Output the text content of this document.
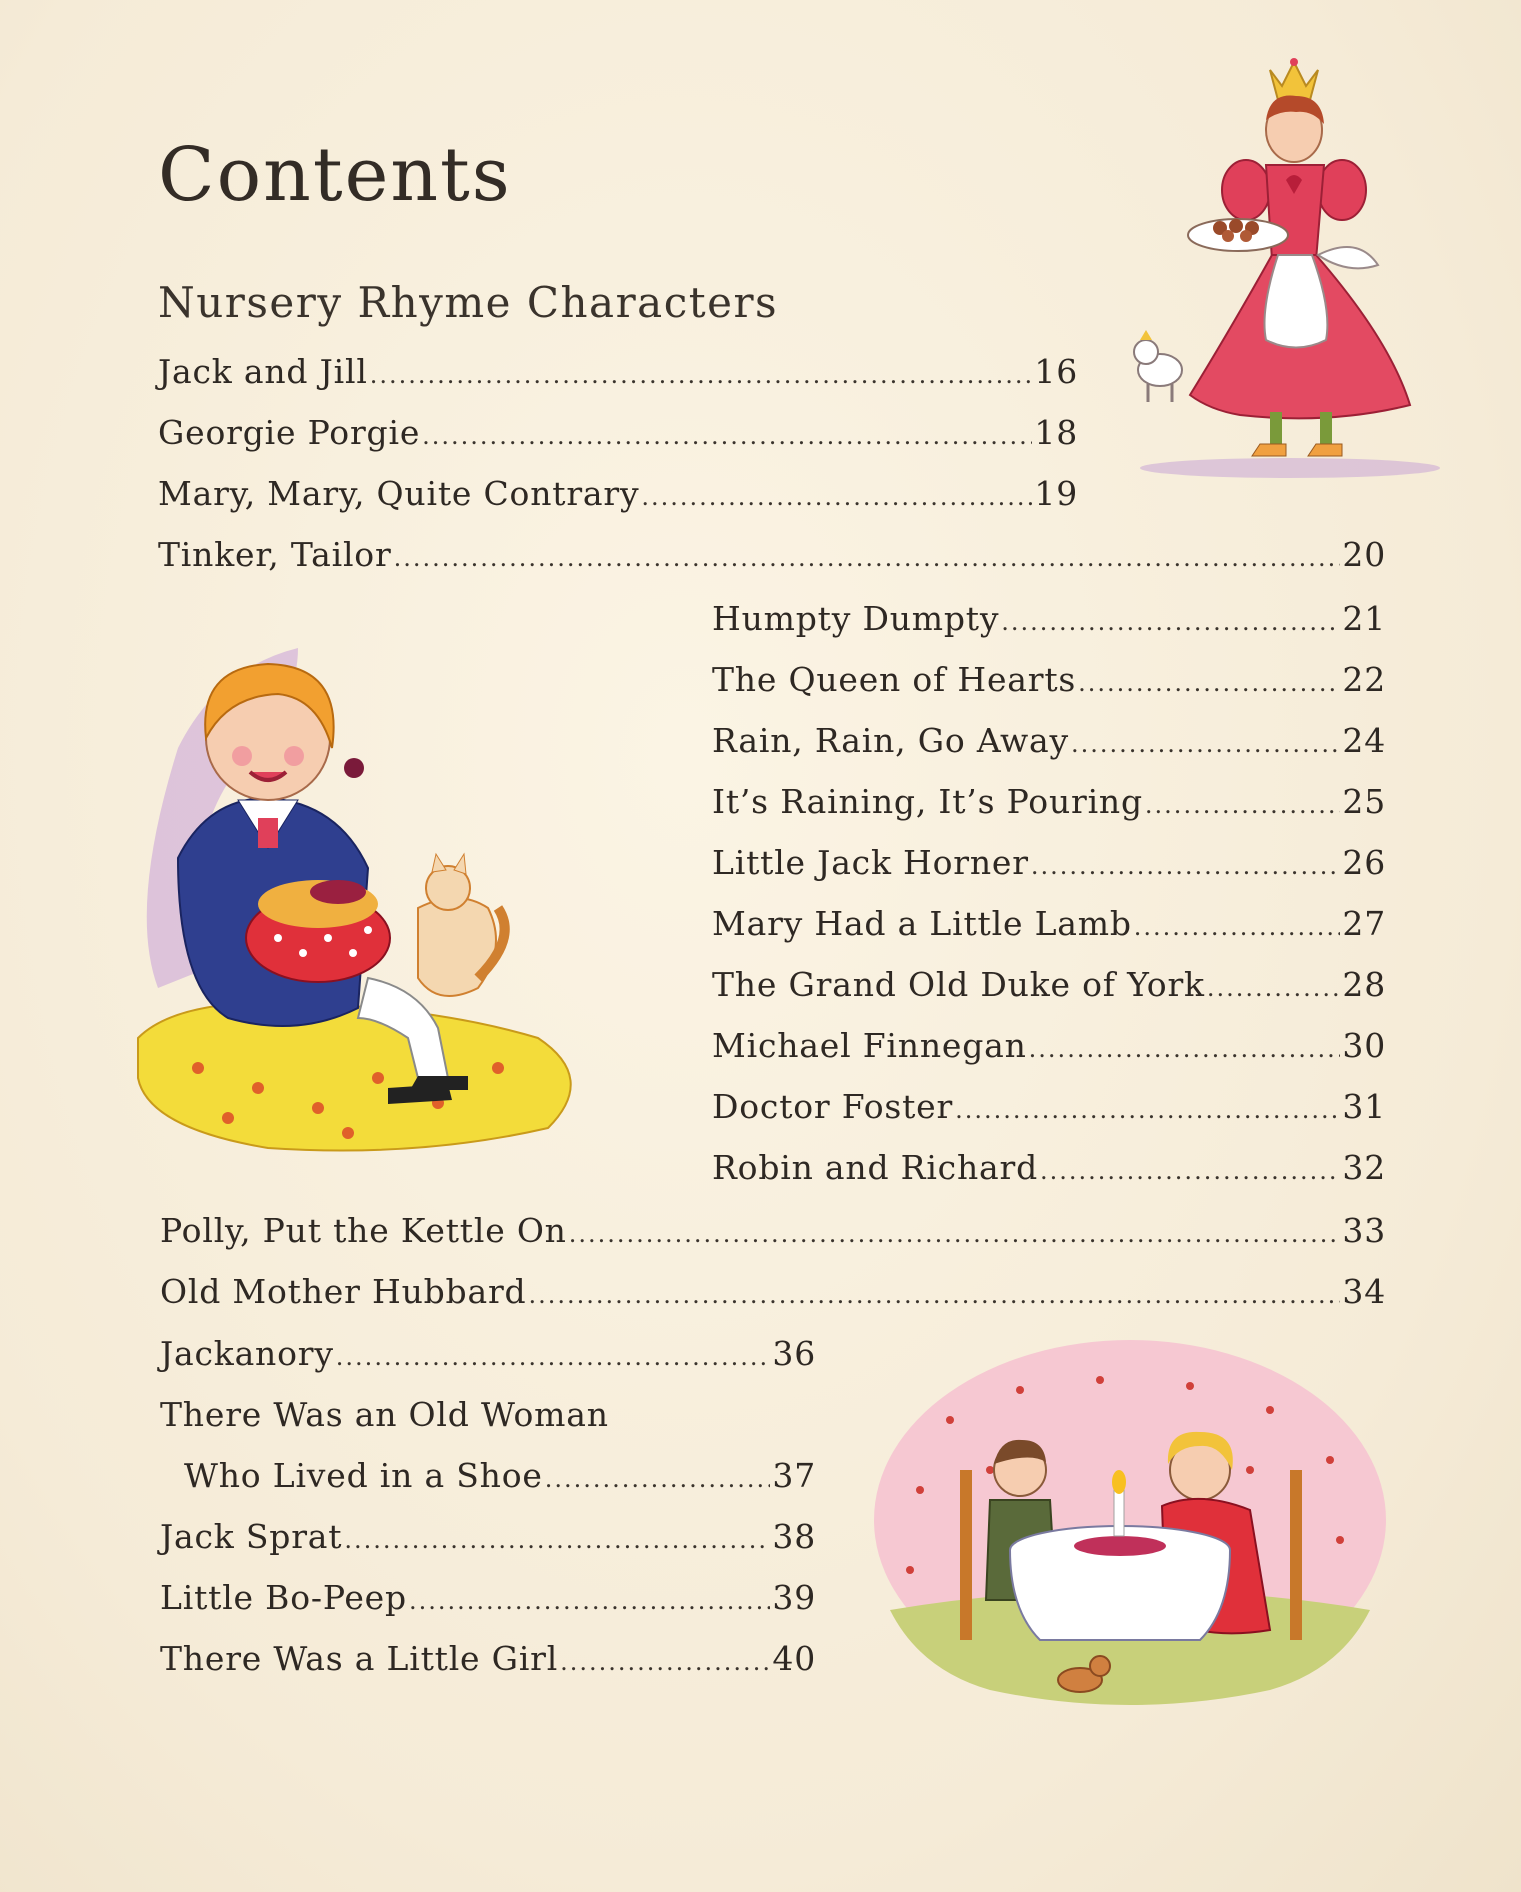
Contents
Nursery Rhyme Characters
Jack and Jill .....	16
Georgie Porgie .....	18
Mary, Mary, Quite Contrary .....	19
Tinker, Tailor .....	20
Humpty Dumpty .....	21
The Queen of Hearts .....	22
Rain, Rain, Go Away .....	24
It’s Raining, It’s Pouring .....	25
Little Jack Horner .....	26
Mary Had a Little Lamb .....	27
The Grand Old Duke of York .....	28
Michael Finnegan .....	30
Doctor Foster .....	31
Robin and Richard .....	32
Polly, Put the Kettle On .....	33
Old Mother Hubbard .....	34
Jackanory .....	36
There Was an Old Woman
Who Lived in a Shoe .....	37
Jack Sprat .....	38
Little Bo-Peep .....	39
There Was a Little Girl .....	40
